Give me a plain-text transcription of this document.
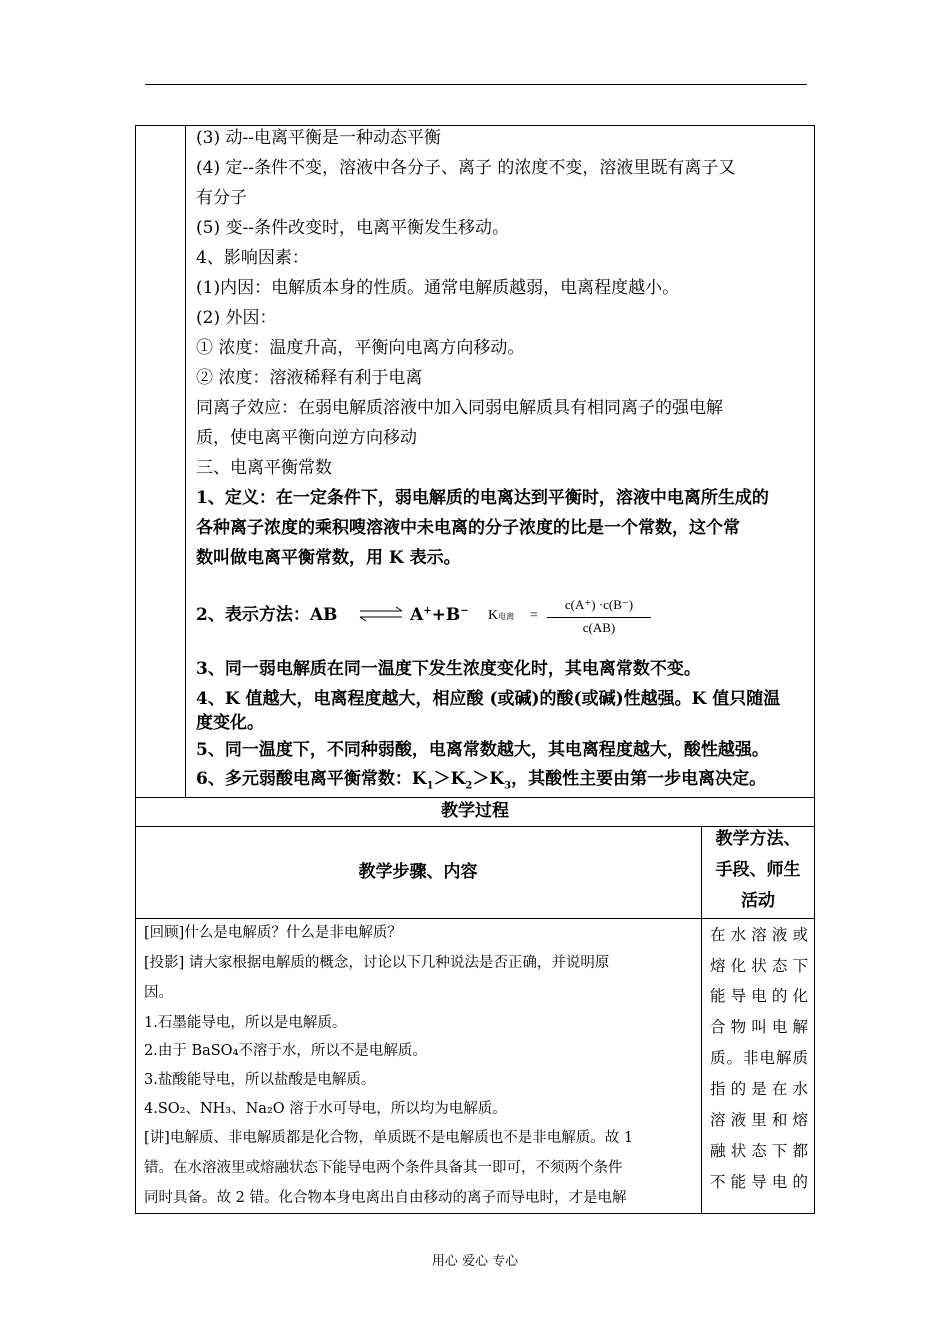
(3) 动--电离平衡是一种动态平衡
(4) 定--条件不变，溶液中各分子、离子 的浓度不变，溶液里既有离子又
有分子
(5) 变--条件改变时，电离平衡发生移动。
4、影响因素：
(1)内因：电解质本身的性质。通常电解质越弱，电离程度越小。
(2) 外因：
① 浓度：温度升高，平衡向电离方向移动。
② 浓度：溶液稀释有利于电离
同离子效应：在弱电解质溶液中加入同弱电解质具有相同离子的强电解
质，使电离平衡向逆方向移动
三、电离平衡常数
1、定义：在一定条件下，弱电解质的电离达到平衡时，溶液中电离所生成的
各种离子浓度的乘积嗖溶液中未电离的分子浓度的比是一个常数，这个常
数叫做电离平衡常数，用 K 表示。
2、表示方法：AB ⇌ A++B− K电离 =
c(A⁺) ·c(B⁻)
c(AB)
3、同一弱电解质在同一温度下发生浓度变化时，其电离常数不变。
4、K 值越大，电离程度越大，相应酸 (或碱)的酸(或碱)性越强。K 值只随温
度变化。
5、同一温度下，不同种弱酸，电离常数越大，其电离程度越大，酸性越强。
6、多元弱酸电离平衡常数：$K_1>K_2>K_3$，其酸性主要由第一步电离决定。
教学过程
教学步骤、内容
教学方法、
手段、师生
活动
[回顾]什么是电解质？什么是非电解质？
[投影] 请大家根据电解质的概念，讨论以下几种说法是否正确，并说明原
因。
1.石墨能导电，所以是电解质。
2.由于 BaSO₄不溶于水，所以不是电解质。
3.盐酸能导电，所以盐酸是电解质。
4.SO₂、NH₃、Na₂O 溶于水可导电，所以均为电解质。
[讲]电解质、非电解质都是化合物，单质既不是电解质也不是非电解质。故 1
错。在水溶液里或熔融状态下能导电两个条件具备其一即可，不须两个条件
同时具备。故 2 错。化合物本身电离出自由移动的离子而导电时，才是电解
在水溶液或
熔化状态下
能导电的化
合物叫电解
质。非电解质
指的是在水
溶液里和熔
融状态下都
不能导电的
用心 爱心 专心
